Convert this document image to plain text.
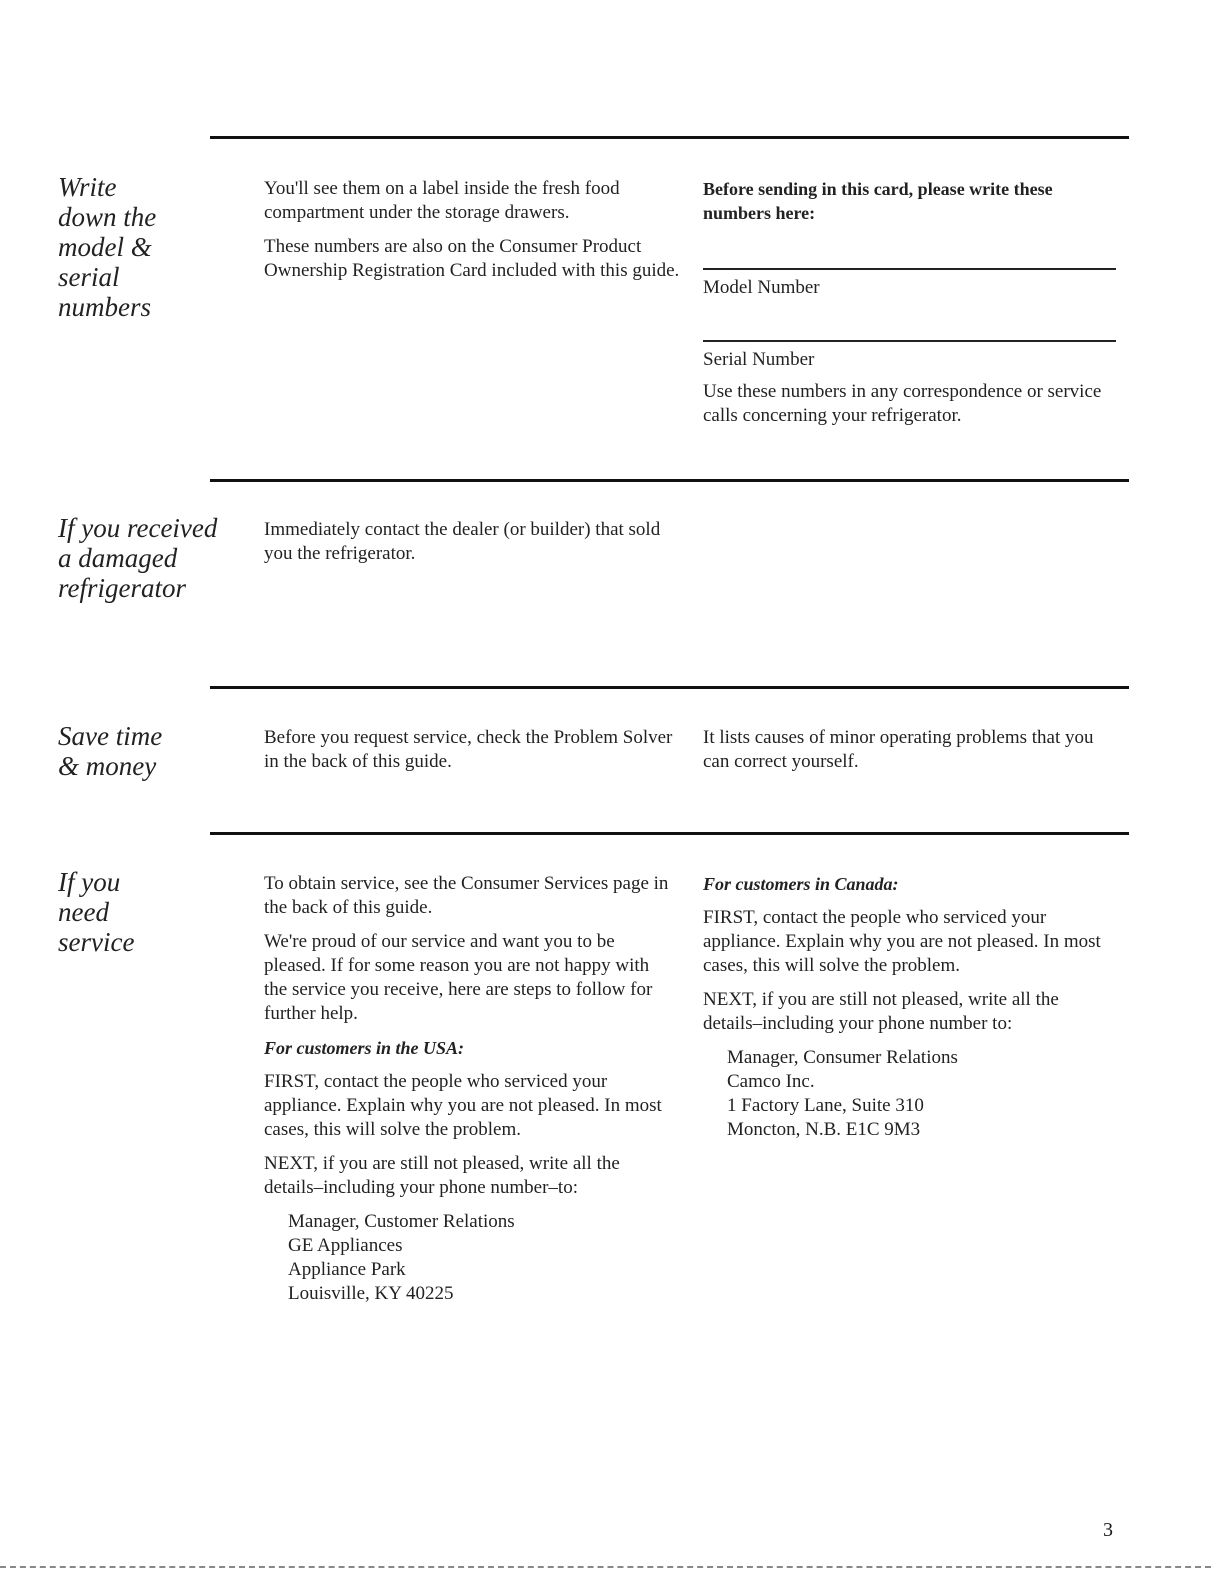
Write
down the
model &
serial
numbers

You'll see them on a label inside the fresh food compartment under the storage drawers.

These numbers are also on the Consumer Product Ownership Registration Card included with this guide.

Before sending in this card, please write these numbers here:

Model Number
Serial Number

Use these numbers in any correspondence or service calls concerning your refrigerator.

If you received
a damaged
refrigerator

Immediately contact the dealer (or builder) that sold you the refrigerator.

Save time
& money

Before you request service, check the Problem Solver in the back of this guide.

It lists causes of minor operating problems that you can correct yourself.

If you
need
service

To obtain service, see the Consumer Services page in the back of this guide.

We're proud of our service and want you to be pleased. If for some reason you are not happy with the service you receive, here are steps to follow for further help.

For customers in the USA:

FIRST, contact the people who serviced your appliance. Explain why you are not pleased. In most cases, this will solve the problem.

NEXT, if you are still not pleased, write all the details–including your phone number–to:

Manager, Customer Relations
GE Appliances
Appliance Park
Louisville, KY 40225

For customers in Canada:

FIRST, contact the people who serviced your appliance. Explain why you are not pleased. In most cases, this will solve the problem.

NEXT, if you are still not pleased, write all the details–including your phone number to:

Manager, Consumer Relations
Camco Inc.
1 Factory Lane, Suite 310
Moncton, N.B. E1C 9M3

3
